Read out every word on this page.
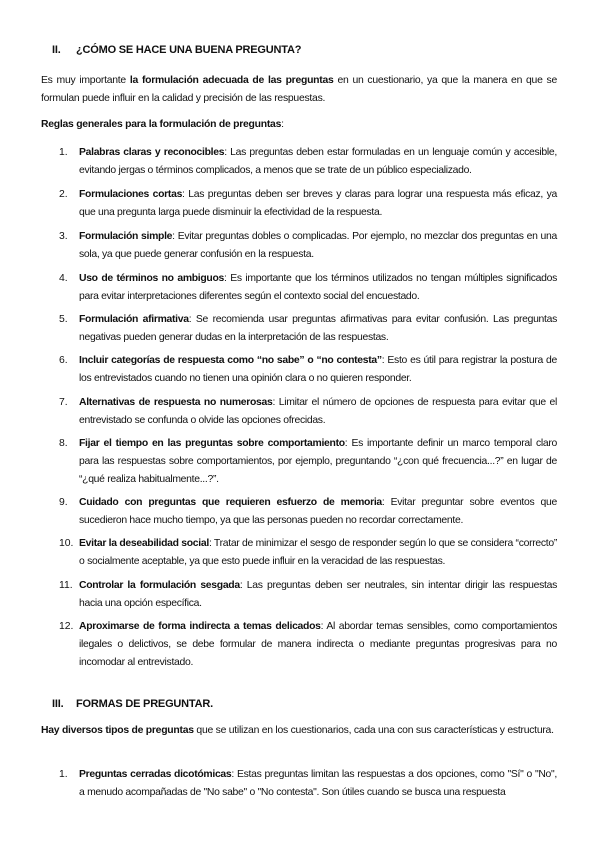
II. ¿CÓMO SE HACE UNA BUENA PREGUNTA?
Es muy importante la formulación adecuada de las preguntas en un cuestionario, ya que la manera en que se formulan puede influir en la calidad y precisión de las respuestas.
Reglas generales para la formulación de preguntas:
1. Palabras claras y reconocibles: Las preguntas deben estar formuladas en un lenguaje común y accesible, evitando jergas o términos complicados, a menos que se trate de un público especializado.
2. Formulaciones cortas: Las preguntas deben ser breves y claras para lograr una respuesta más eficaz, ya que una pregunta larga puede disminuir la efectividad de la respuesta.
3. Formulación simple: Evitar preguntas dobles o complicadas. Por ejemplo, no mezclar dos preguntas en una sola, ya que puede generar confusión en la respuesta.
4. Uso de términos no ambiguos: Es importante que los términos utilizados no tengan múltiples significados para evitar interpretaciones diferentes según el contexto social del encuestado.
5. Formulación afirmativa: Se recomienda usar preguntas afirmativas para evitar confusión. Las preguntas negativas pueden generar dudas en la interpretación de las respuestas.
6. Incluir categorías de respuesta como “no sabe” o “no contesta”: Esto es útil para registrar la postura de los entrevistados cuando no tienen una opinión clara o no quieren responder.
7. Alternativas de respuesta no numerosas: Limitar el número de opciones de respuesta para evitar que el entrevistado se confunda o olvide las opciones ofrecidas.
8. Fijar el tiempo en las preguntas sobre comportamiento: Es importante definir un marco temporal claro para las respuestas sobre comportamientos, por ejemplo, preguntando “¿con qué frecuencia...?” en lugar de “¿qué realiza habitualmente...?”.
9. Cuidado con preguntas que requieren esfuerzo de memoria: Evitar preguntar sobre eventos que sucedieron hace mucho tiempo, ya que las personas pueden no recordar correctamente.
10. Evitar la deseabilidad social: Tratar de minimizar el sesgo de responder según lo que se considera “correcto” o socialmente aceptable, ya que esto puede influir en la veracidad de las respuestas.
11. Controlar la formulación sesgada: Las preguntas deben ser neutrales, sin intentar dirigir las respuestas hacia una opción específica.
12. Aproximarse de forma indirecta a temas delicados: Al abordar temas sensibles, como comportamientos ilegales o delictivos, se debe formular de manera indirecta o mediante preguntas progresivas para no incomodar al entrevistado.
III. FORMAS DE PREGUNTAR.
Hay diversos tipos de preguntas que se utilizan en los cuestionarios, cada una con sus características y estructura.
1. Preguntas cerradas dicotómicas: Estas preguntas limitan las respuestas a dos opciones, como "Sí" o "No", a menudo acompañadas de "No sabe" o "No contesta". Son útiles cuando se busca una respuesta
